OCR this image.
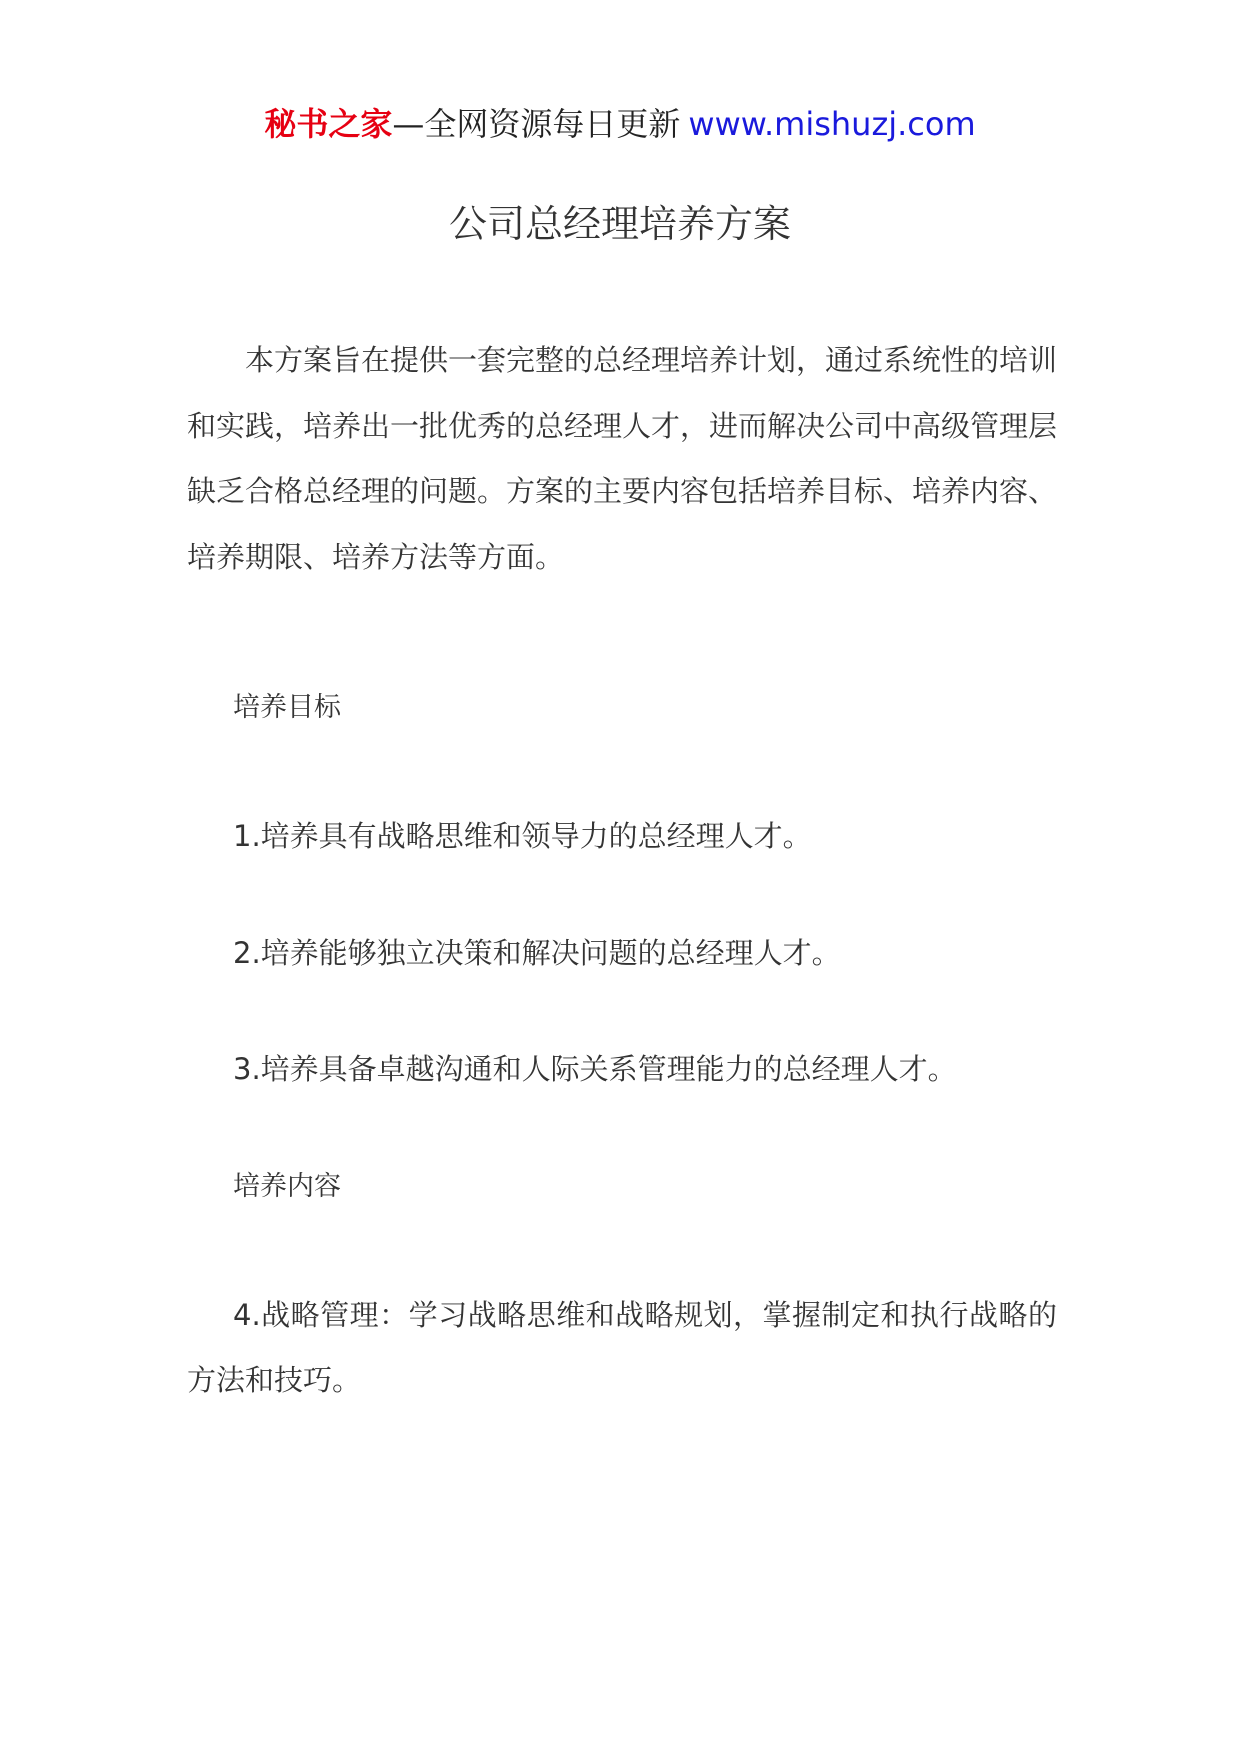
秘书之家—全网资源每日更新 www.mishuzj.com
公司总经理培养方案

本方案旨在提供一套完整的总经理培养计划，通过系统性的培训和实践，培养出一批优秀的总经理人才，进而解决公司中高级管理层缺乏合格总经理的问题。方案的主要内容包括培养目标、培养内容、培养期限、培养方法等方面。

培养目标

1.培养具有战略思维和领导力的总经理人才。

2.培养能够独立决策和解决问题的总经理人才。

3.培养具备卓越沟通和人际关系管理能力的总经理人才。

培养内容

4.战略管理：学习战略思维和战略规划，掌握制定和执行战略的方法和技巧。
